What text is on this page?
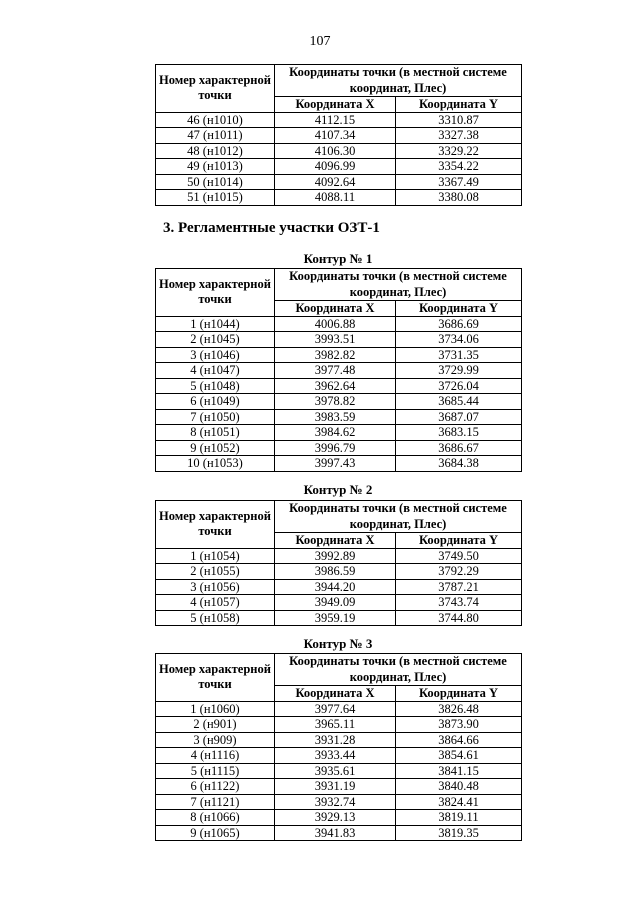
107
Номер характерной точки	Координаты точки (в местной системе координат, Плес)	
	Координата X	Координата Y
46 (н1010)	4112.15	3310.87
47 (н1011)	4107.34	3327.38
48 (н1012)	4106.30	3329.22
49 (н1013)	4096.99	3354.22
50 (н1014)	4092.64	3367.49
51 (н1015)	4088.11	3380.08
3. Регламентные участки ОЗТ-1
Контур № 1
Номер характерной точки	Координаты точки (в местной системе координат, Плес)	
	Координата X	Координата Y
1 (н1044)	4006.88	3686.69
2 (н1045)	3993.51	3734.06
3 (н1046)	3982.82	3731.35
4 (н1047)	3977.48	3729.99
5 (н1048)	3962.64	3726.04
6 (н1049)	3978.82	3685.44
7 (н1050)	3983.59	3687.07
8 (н1051)	3984.62	3683.15
9 (н1052)	3996.79	3686.67
10 (н1053)	3997.43	3684.38
Контур № 2
Номер характерной точки	Координаты точки (в местной системе координат, Плес)	
	Координата X	Координата Y
1 (н1054)	3992.89	3749.50
2 (н1055)	3986.59	3792.29
3 (н1056)	3944.20	3787.21
4 (н1057)	3949.09	3743.74
5 (н1058)	3959.19	3744.80
Контур № 3
Номер характерной точки	Координаты точки (в местной системе координат, Плес)	
	Координата X	Координата Y
1 (н1060)	3977.64	3826.48
2 (н901)	3965.11	3873.90
3 (н909)	3931.28	3864.66
4 (н1116)	3933.44	3854.61
5 (н1115)	3935.61	3841.15
6 (н1122)	3931.19	3840.48
7 (н1121)	3932.74	3824.41
8 (н1066)	3929.13	3819.11
9 (н1065)	3941.83	3819.35
